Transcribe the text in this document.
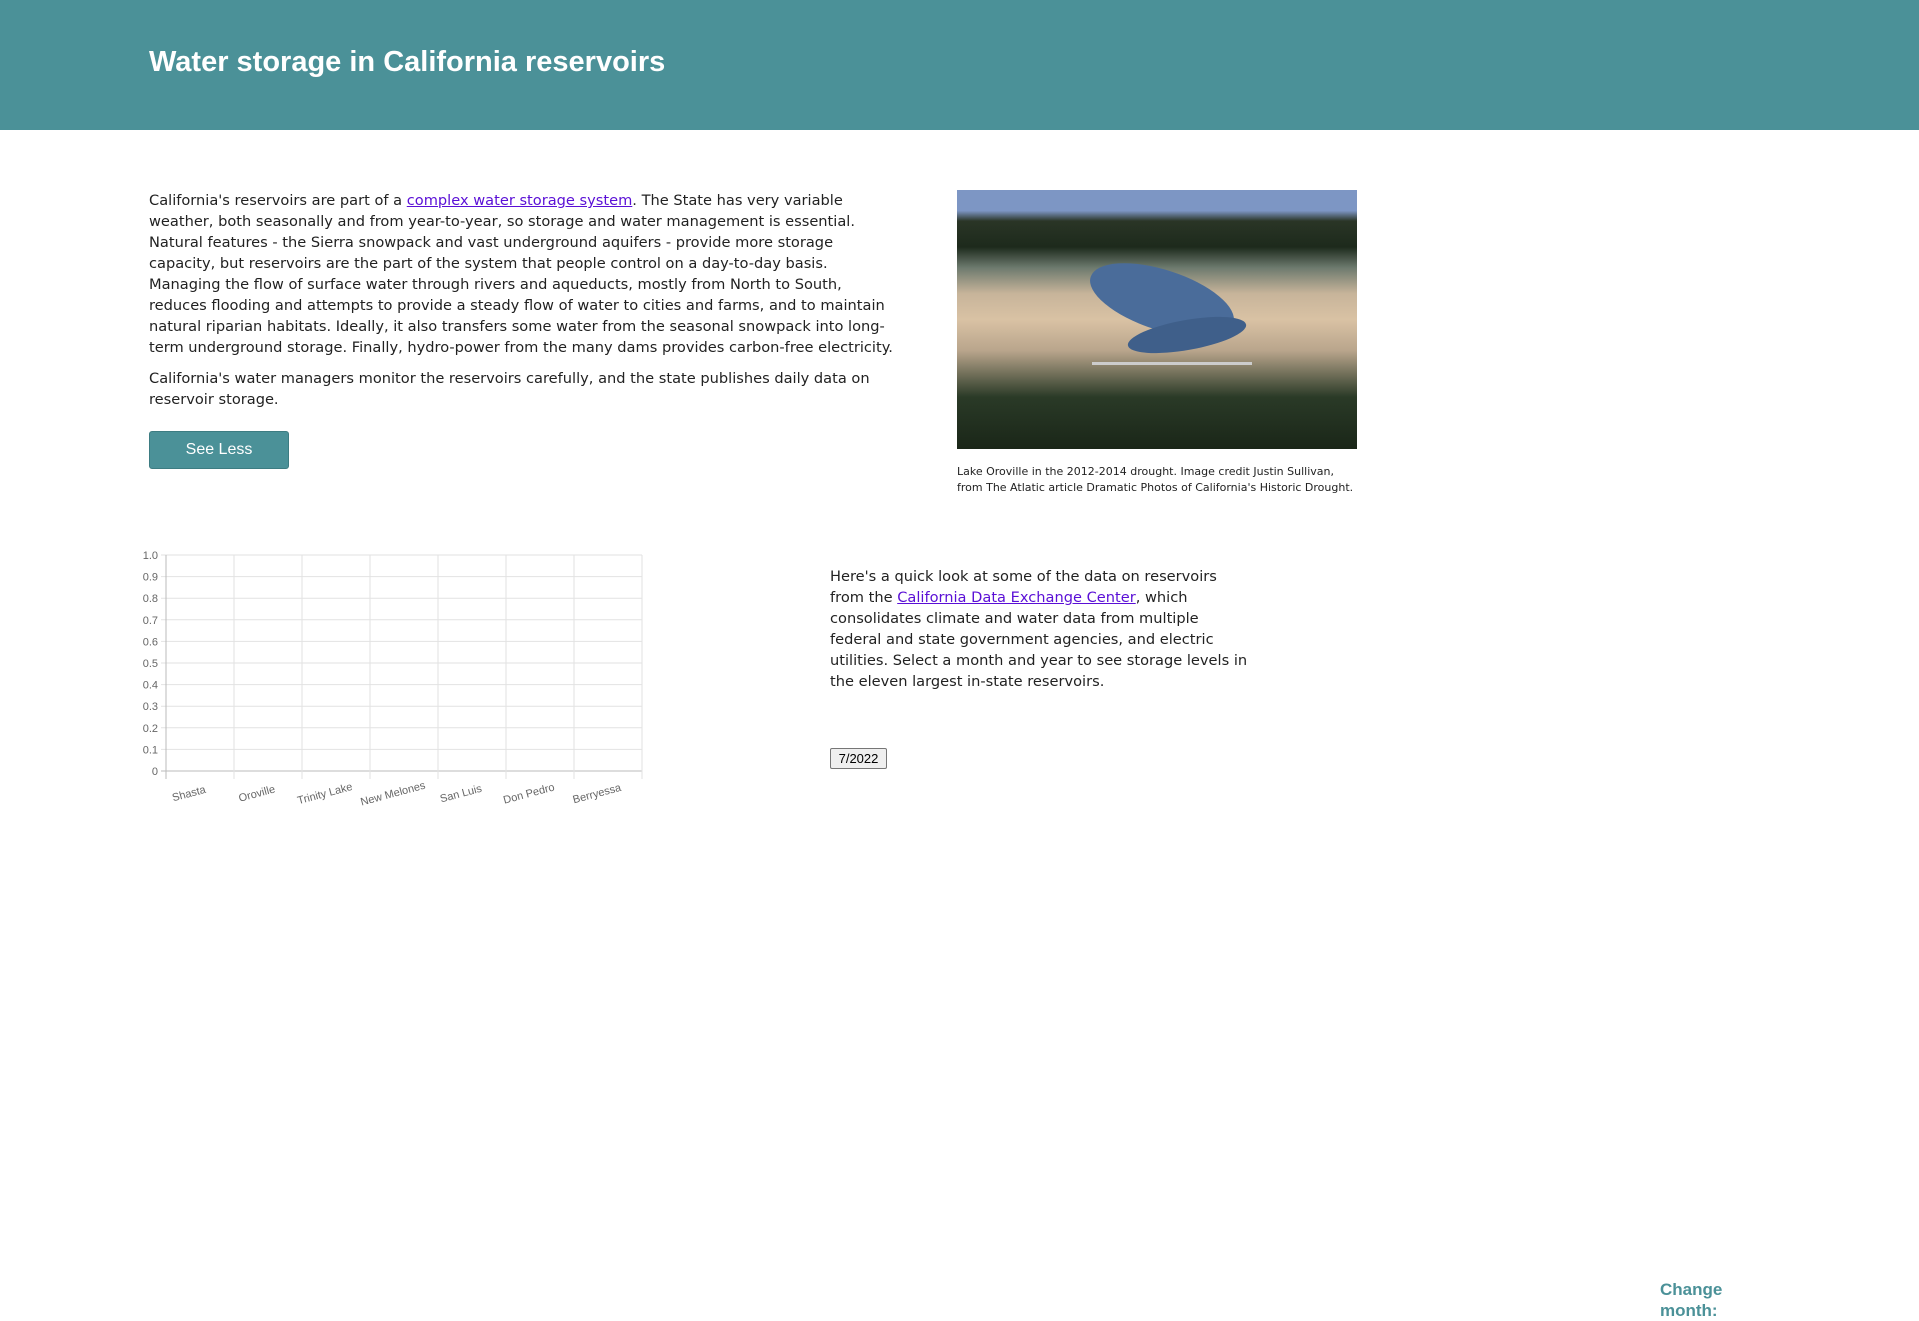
Water storage in California reservoirs

California's reservoirs are part of a complex water storage system. The State has very variable weather, both seasonally and from year-to-year, so storage and water management is essential. Natural features - the Sierra snowpack and vast underground aquifers - provide more storage capacity, but reservoirs are the part of the system that people control on a day-to-day basis. Managing the flow of surface water through rivers and aqueducts, mostly from North to South, reduces flooding and attempts to provide a steady flow of water to cities and farms, and to maintain natural riparian habitats. Ideally, it also transfers some water from the seasonal snowpack into long-term underground storage. Finally, hydro-power from the many dams provides carbon-free electricity.

California's water managers monitor the reservoirs carefully, and the state publishes daily data on reservoir storage.

See Less
Lake Oroville in the 2012-2014 drought. Image credit Justin Sullivan, from The Atlatic article Dramatic Photos of California's Historic Drought.
0
0.1
0.2
0.3
0.4
0.5
0.6
0.7
0.8
0.9
1.0
Shasta	Oroville Trinity Lake New Melones San Luis Don Pedro Berryessa
Here's a quick look at some of the data on reservoirs from the California Data Exchange Center, which consolidates climate and water data from multiple federal and state government agencies, and electric utilities. Select a month and year to see storage levels in the eleven largest in-state reservoirs.
Change month:
7/2022
